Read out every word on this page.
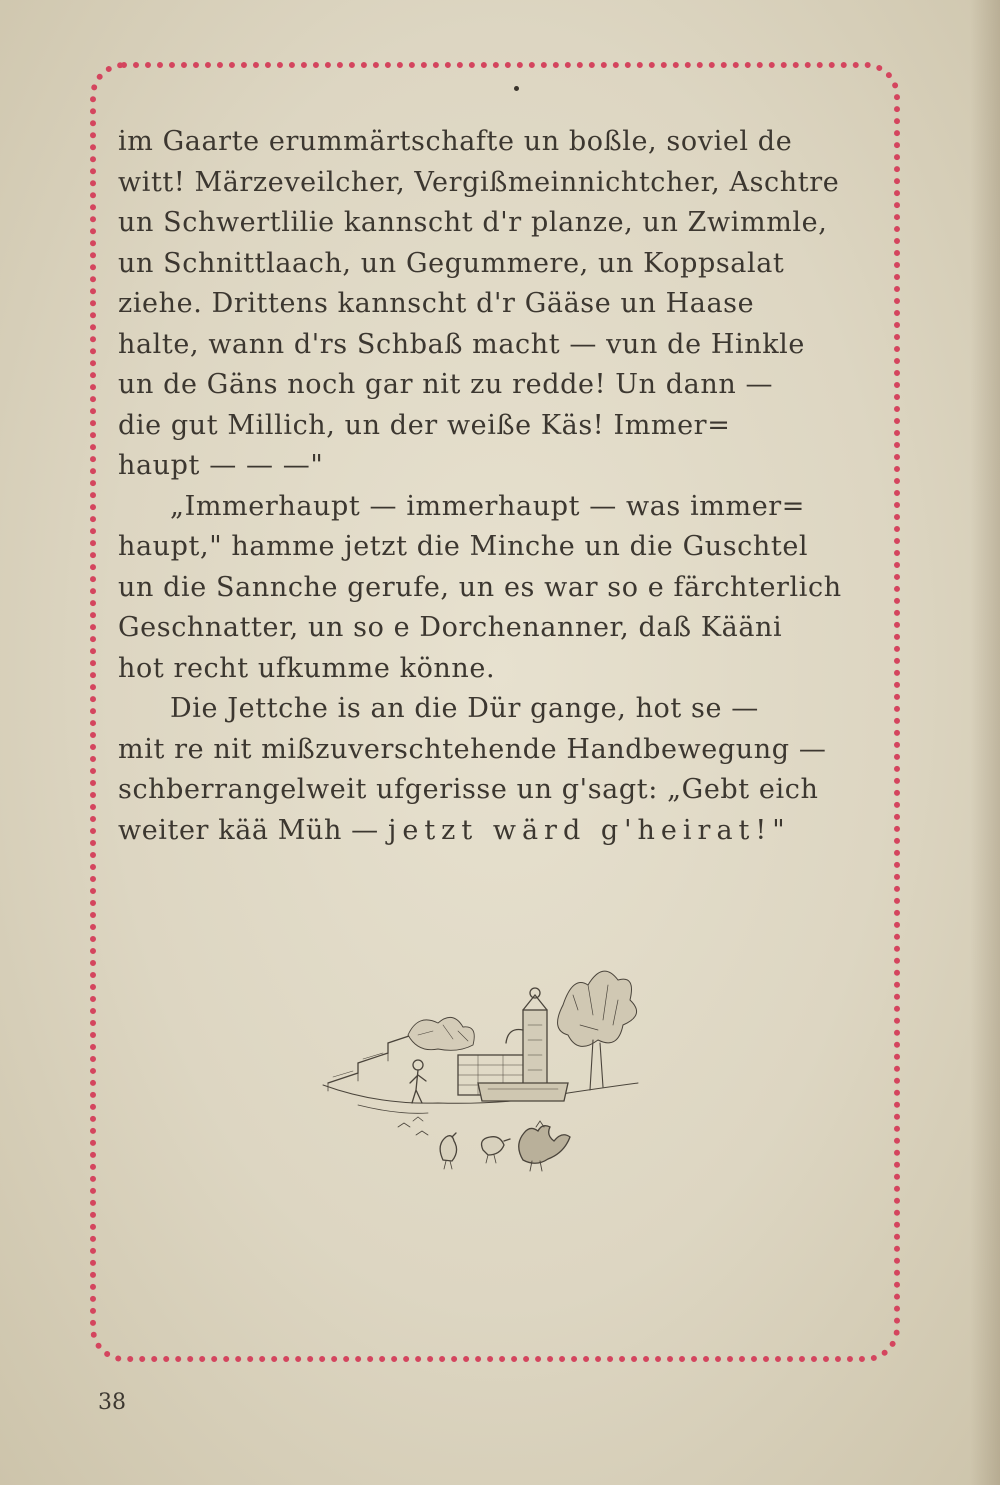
im Gaarte erummärtschafte un boßle, soviel de
witt! Märzeveilcher, Vergißmeinnichtcher, Aschtre
un Schwertlilie kannscht d'r planze, un Zwimmle,
un Schnittlaach, un Gegummere, un Koppsalat
ziehe. Drittens kannscht d'r Gääse un Haase
halte, wann d'rs Schbaß macht — vun de Hinkle
un de Gäns noch gar nit zu redde! Un dann —
die gut Millich, un der weiße Käs! Immer=
haupt — — —"

„Immerhaupt — immerhaupt — was immer=
haupt," hamme jetzt die Minche un die Guschtel
un die Sannche gerufe, un es war so e färchterlich
Geschnatter, un so e Dorchenanner, daß Kääni
hot recht ufkumme könne.

Die Jettche is an die Dür gange, hot se —
mit re nit mißzuverschtehende Handbewegung —
schberrangelweit ufgerisse un g'sagt: „Gebt eich
weiter kää Müh — jetzt wärd g'heirat!"

38
